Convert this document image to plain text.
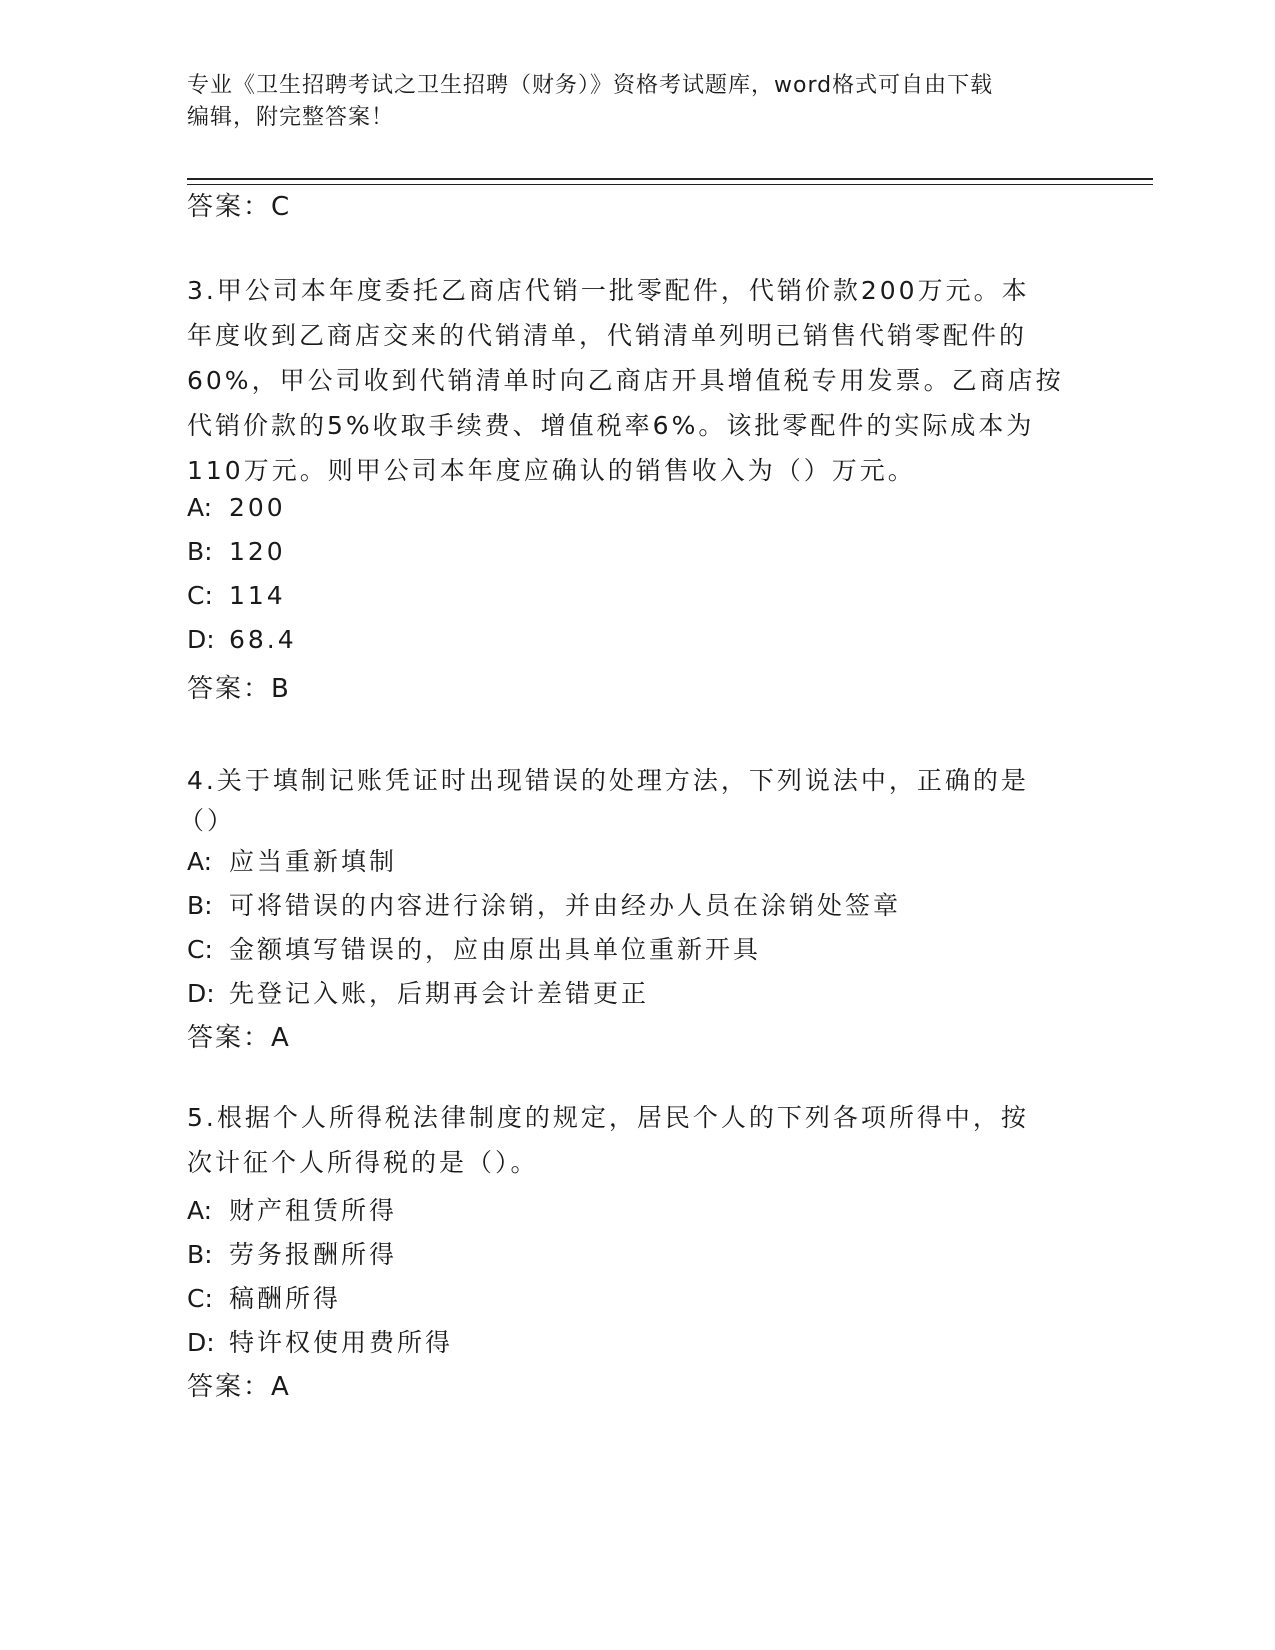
专业《卫生招聘考试之卫生招聘（财务）》资格考试题库，word格式可自由下载
编辑，附完整答案！
答案：C
3.甲公司本年度委托乙商店代销一批零配件，代销价款200万元。本
年度收到乙商店交来的代销清单，代销清单列明已销售代销零配件的
60%，甲公司收到代销清单时向乙商店开具增值税专用发票。乙商店按
代销价款的5%收取手续费、增值税率6%。该批零配件的实际成本为
110万元。则甲公司本年度应确认的销售收入为（）万元。
A: 200
B: 120
C: 114
D: 68.4
答案：B
4.关于填制记账凭证时出现错误的处理方法，下列说法中，正确的是
（）
A: 应当重新填制
B: 可将错误的内容进行涂销，并由经办人员在涂销处签章
C: 金额填写错误的，应由原出具单位重新开具
D: 先登记入账，后期再会计差错更正
答案：A
5.根据个人所得税法律制度的规定，居民个人的下列各项所得中，按
次计征个人所得税的是（）。
A: 财产租赁所得
B: 劳务报酬所得
C: 稿酬所得
D: 特许权使用费所得
答案：A
